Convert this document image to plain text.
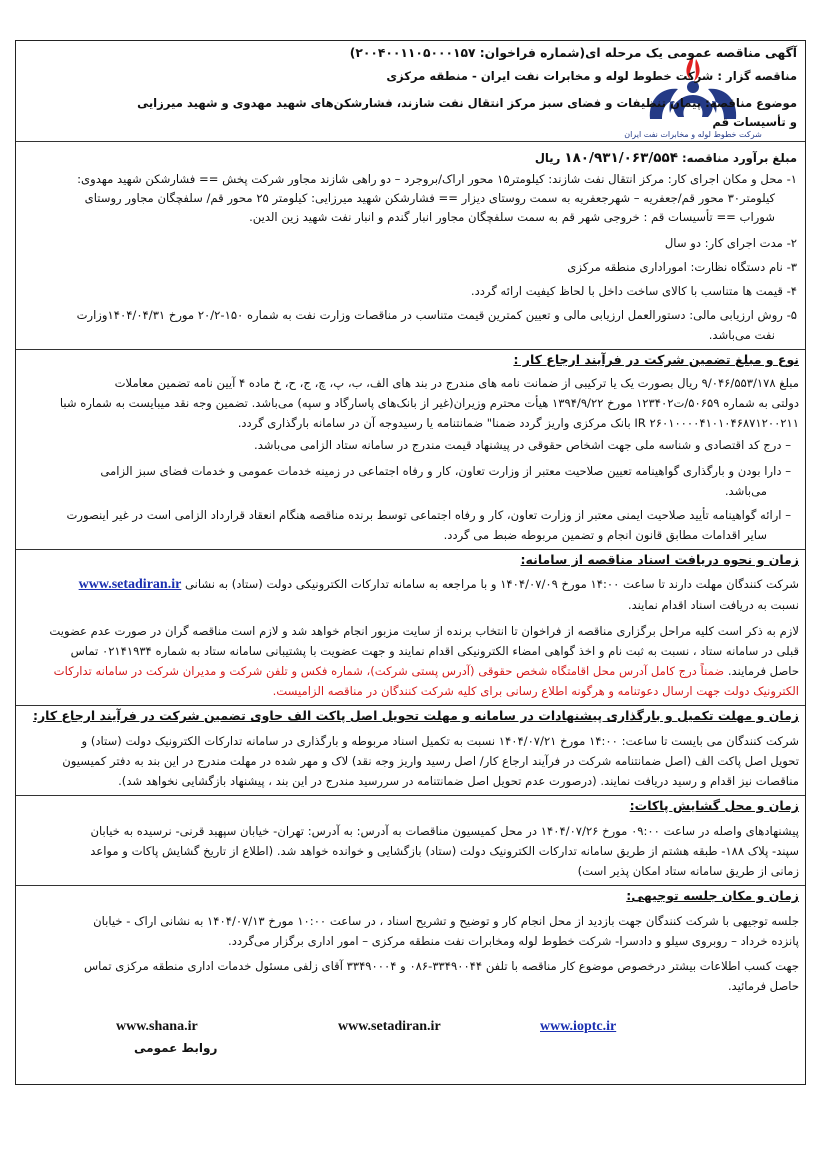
شرکت خطوط لوله و مخابرات نفت ایران
آگهی مناقصه عمومی یک مرحله ای(شماره فراخوان: ۲۰۰۴۰۰۱۱۰۵۰۰۰۱۵۷)
مناقصه گزار : شرکت خطوط لوله و مخابرات نفت ایران - منطقه مرکزی
موضوع مناقصه: پیمان تنظیفات و فضای سبز مرکز انتقال نفت شازند، فشارشکن‌های شهید مهدوی و شهید میرزایی
و تأسیسات قم
مبلغ برآورد مناقصه: ۱۸۰/۹۳۱/۰۶۳/۵۵۴ ریال
۱- محل و مکان اجرای کار: مرکز انتقال نفت شازند: کیلومتر۱۵ محور اراک/بروجرد – دو راهی شازند مجاور شرکت پخش == فشارشکن شهید مهدوی:
کیلومتر۳۰ محور قم/جعفریه – شهرجعفریه به سمت روستای دیزار == فشارشکن شهید میرزایی: کیلومتر ۲۵ محور قم/ سلفچگان مجاور روستای
شوراب == تأسیسات قم : خروجی شهر قم به سمت سلفچگان مجاور انبار گندم و انبار نفت شهید زین الدین.
۲- مدت اجرای کار: دو سال
۳- نام دستگاه نظارت: اموراداری منطقه مرکزی
۴- قیمت ها متناسب با کالای ساخت داخل با لحاظ کیفیت ارائه گردد.
۵- روش ارزیابی مالی: دستورالعمل ارزیابی مالی و تعیین کمترین قیمت متناسب در مناقصات وزارت نفت به شماره ۱۵۰-۲۰/۲ مورخ ۱۴۰۴/۰۴/۳۱وزارت
نفت می‌باشد.
نوع و مبلغ تضمین شرکت در فرآیند ارجاع کار :
مبلغ ۹/۰۴۶/۵۵۳/۱۷۸ ریال بصورت یک یا ترکیبی از ضمانت نامه های مندرج در بند های الف، ب، پ، چ، ج، ح، خ ماده ۴ آیین نامه تضمین معاملات
دولتی به شماره ۵۰۶۵۹/ت۱۲۳۴۰۲ مورخ ۱۳۹۴/۹/۲۲ هیأت محترم وزیران(غیر از بانک‌های پاسارگاد و سپه) می‌باشد. تضمین وجه نقد میبایست به شماره شبا
IR ۲۶۰۱۰۰۰۰۴۱۰۱۰۴۶۸۷۱۲۰۰۲۱۱ بانک مرکزی واریز گردد ضمنا" ضمانتنامه یا رسیدوجه آن در سامانه بارگذاری گردد.
– درج کد اقتصادی و شناسه ملی جهت اشخاص حقوقی در پیشنهاد قیمت مندرج در سامانه ستاد الزامی می‌باشد.
– دارا بودن و بارگذاری گواهینامه تعیین صلاحیت معتبر از وزارت تعاون، کار و رفاه اجتماعی در زمینه خدمات عمومی و خدمات فضای سبز الزامی
می‌باشد.
– ارائه گواهینامه تأیید صلاحیت ایمنی معتبر از وزارت تعاون، کار و رفاه اجتماعی توسط برنده مناقصه هنگام انعقاد قرارداد الزامی است در غیر اینصورت
سایر اقدامات مطابق قانون انجام و تضمین مربوطه ضبط می گردد.
زمان و نحوه دریافت اسناد مناقصه از سامانه:
شرکت کنندگان مهلت دارند تا ساعت ۱۴:۰۰ مورخ ۱۴۰۴/۰۷/۰۹ و با مراجعه به سامانه تدارکات الکترونیکی دولت (ستاد) به نشانی www.setadiran.ir
نسبت به دریافت اسناد اقدام نمایند.
لازم به ذکر است کلیه مراحل برگزاری مناقصه از فراخوان تا انتخاب برنده از سایت مزبور انجام خواهد شد و لازم است مناقصه گران در صورت عدم عضویت
قبلی در سامانه ستاد ، نسبت به ثبت نام و اخذ گواهی امضاء الکترونیکی اقدام نمایند و جهت عضویت با پشتیبانی سامانه ستاد به شماره ۰۲۱۴۱۹۳۴ تماس
حاصل فرمایند. ضمناً درج کامل آدرس محل اقامتگاه شخص حقوقی (آدرس پستی شرکت)، شماره فکس و تلفن شرکت و مدیران شرکت در سامانه تدارکات
الکترونیک دولت جهت ارسال دعوتنامه و هرگونه اطلاع رسانی برای کلیه شرکت کنندگان در مناقصه الزامیست.
زمان و مهلت تکمیل و بارگذاری پیشنهادات در سامانه و مهلت تحویل اصل پاکت الف حاوی تضمین شرکت در فرآیند ارجاع کار:
شرکت کنندگان می بایست تا ساعت: ۱۴:۰۰ مورخ ۱۴۰۴/۰۷/۲۱ نسبت به تکمیل اسناد مربوطه و بارگذاری در سامانه تدارکات الکترونیک دولت (ستاد) و
تحویل اصل پاکت الف (اصل ضمانتنامه شرکت در فرآیند ارجاع کار/ اصل رسید واریز وجه نقد) لاک و مهر شده در مهلت مندرج در این بند به دفتر کمیسیون
مناقصات نیز اقدام و رسید دریافت نمایند. (درصورت عدم تحویل اصل ضمانتنامه در سررسید مندرج در این بند ، پیشنهاد بازگشایی نخواهد شد).
زمان و محل گشایش پاکات:
پیشنهادهای واصله در ساعت ۰۹:۰۰ مورخ ۱۴۰۴/۰۷/۲۶ در محل کمیسیون مناقصات به آدرس: به آدرس: تهران- خیابان سپهبد قرنی- نرسیده به خیابان
سپند- پلاک ۱۸۸- طبقه هشتم از طریق سامانه تدارکات الکترونیک دولت (ستاد) بازگشایی و خوانده خواهد شد. (اطلاع از تاریخ گشایش پاکات و مواعد
زمانی از طریق سامانه ستاد امکان پذیر است)
زمان و مکان جلسه توجیهی:
جلسه توجیهی با شرکت کنندگان جهت بازدید از محل انجام کار و توضیح و تشریح اسناد ، در ساعت ۱۰:۰۰ مورخ ۱۴۰۴/۰۷/۱۳ به نشانی اراک - خیابان
پانزده خرداد – روبروی سیلو و دادسرا- شرکت خطوط لوله ومخابرات نفت منطقه مرکزی – امور اداری برگزار می‌گردد.
جهت کسب اطلاعات بیشتر درخصوص موضوع کار مناقصه با تلفن ۳۳۴۹۰۰۴۴-۰۸۶ و ۳۳۴۹۰۰۰۴ آقای زلفی مسئول خدمات اداری منطقه مرکزی تماس
حاصل فرمائید.
www.shana.ir	www.setadiran.ir	www.ioptc.ir
روابط عمومی
